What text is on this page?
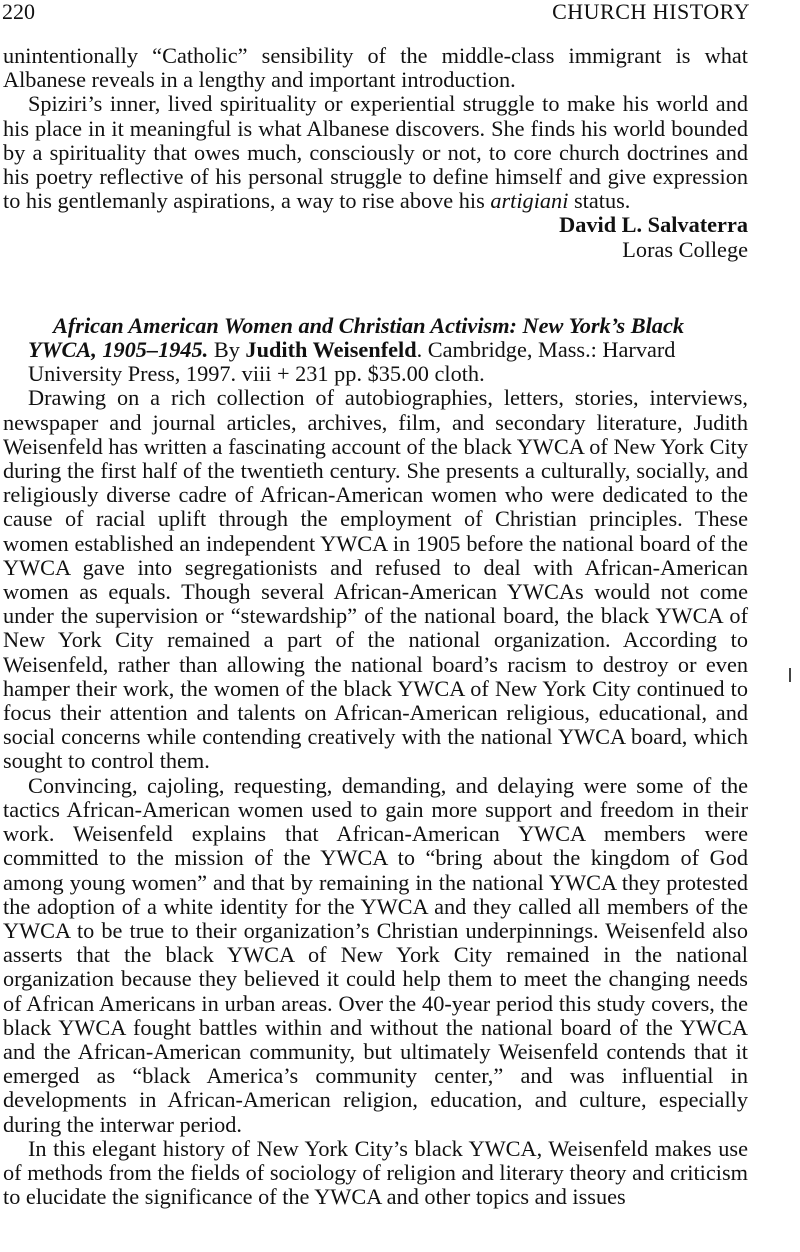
220	CHURCH HISTORY

unintentionally “Catholic” sensibility of the middle-class immigrant is what Albanese reveals in a lengthy and important introduction.

Spiziri’s inner, lived spirituality or experiential struggle to make his world and his place in it meaningful is what Albanese discovers. She finds his world bounded by a spirituality that owes much, consciously or not, to core church doctrines and his poetry reflective of his personal struggle to define himself and give expression to his gentlemanly aspirations, a way to rise above his artigiani status.

David L. Salvaterra

Loras College

African American Women and Christian Activism: New York’s Black YWCA, 1905–1945. By Judith Weisenfeld. Cambridge, Mass.: Harvard University Press, 1997. viii + 231 pp. $35.00 cloth.

Drawing on a rich collection of autobiographies, letters, stories, interviews, newspaper and journal articles, archives, film, and secondary literature, Judith Weisenfeld has written a fascinating account of the black YWCA of New York City during the first half of the twentieth century. She presents a culturally, socially, and religiously diverse cadre of African-American women who were dedicated to the cause of racial uplift through the employment of Christian principles. These women established an independent YWCA in 1905 before the national board of the YWCA gave into segregationists and refused to deal with African-American women as equals. Though several African-American YWCAs would not come under the supervision or “stewardship” of the national board, the black YWCA of New York City remained a part of the national organization. According to Weisenfeld, rather than allowing the national board’s racism to destroy or even hamper their work, the women of the black YWCA of New York City continued to focus their attention and talents on African-American religious, educational, and social concerns while contending creatively with the national YWCA board, which sought to control them.

Convincing, cajoling, requesting, demanding, and delaying were some of the tactics African-American women used to gain more support and freedom in their work. Weisenfeld explains that African-American YWCA members were committed to the mission of the YWCA to “bring about the kingdom of God among young women” and that by remaining in the national YWCA they protested the adoption of a white identity for the YWCA and they called all members of the YWCA to be true to their organization’s Christian underpinnings. Weisenfeld also asserts that the black YWCA of New York City remained in the national organization because they believed it could help them to meet the changing needs of African Americans in urban areas. Over the 40-year period this study covers, the black YWCA fought battles within and without the national board of the YWCA and the African-American community, but ultimately Weisenfeld contends that it emerged as “black America’s community center,” and was influential in developments in African-American religion, education, and culture, especially during the interwar period.

In this elegant history of New York City’s black YWCA, Weisenfeld makes use of methods from the fields of sociology of religion and literary theory and criticism to elucidate the significance of the YWCA and other topics and issues
